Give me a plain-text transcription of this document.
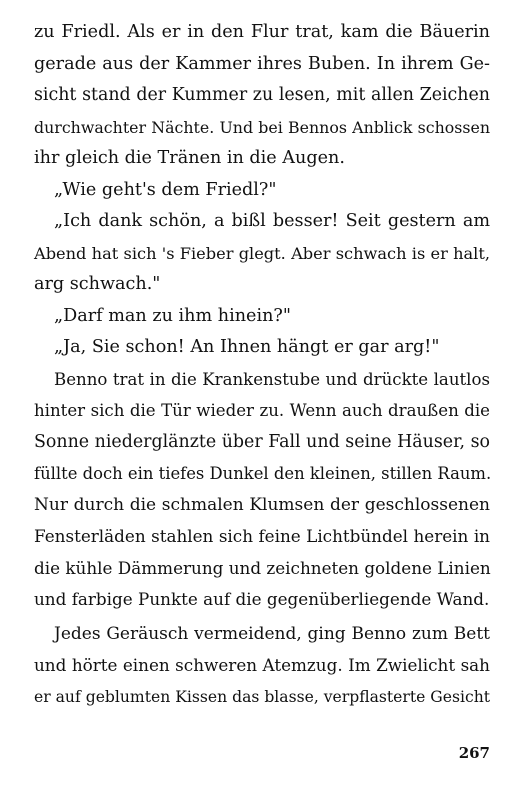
zu Friedl. Als er in den Flur trat, kam die Bäuerin
gerade aus der Kammer ihres Buben. In ihrem Ge-
sicht stand der Kummer zu lesen, mit allen Zeichen
durchwachter Nächte. Und bei Bennos Anblick schossen
ihr gleich die Tränen in die Augen.
„Wie geht's dem Friedl?"
„Ich dank schön, a bißl besser! Seit gestern am
Abend hat sich 's Fieber glegt. Aber schwach is er halt,
arg schwach."
„Darf man zu ihm hinein?"
„Ja, Sie schon! An Ihnen hängt er gar arg!"
Benno trat in die Krankenstube und drückte lautlos
hinter sich die Tür wieder zu. Wenn auch draußen die
Sonne niederglänzte über Fall und seine Häuser, so
füllte doch ein tiefes Dunkel den kleinen, stillen Raum.
Nur durch die schmalen Klumsen der geschlossenen
Fensterläden stahlen sich feine Lichtbündel herein in
die kühle Dämmerung und zeichneten goldene Linien
und farbige Punkte auf die gegenüberliegende Wand.
Jedes Geräusch vermeidend, ging Benno zum Bett
und hörte einen schweren Atemzug. Im Zwielicht sah
er auf geblumten Kissen das blasse, verpflasterte Gesicht
267
